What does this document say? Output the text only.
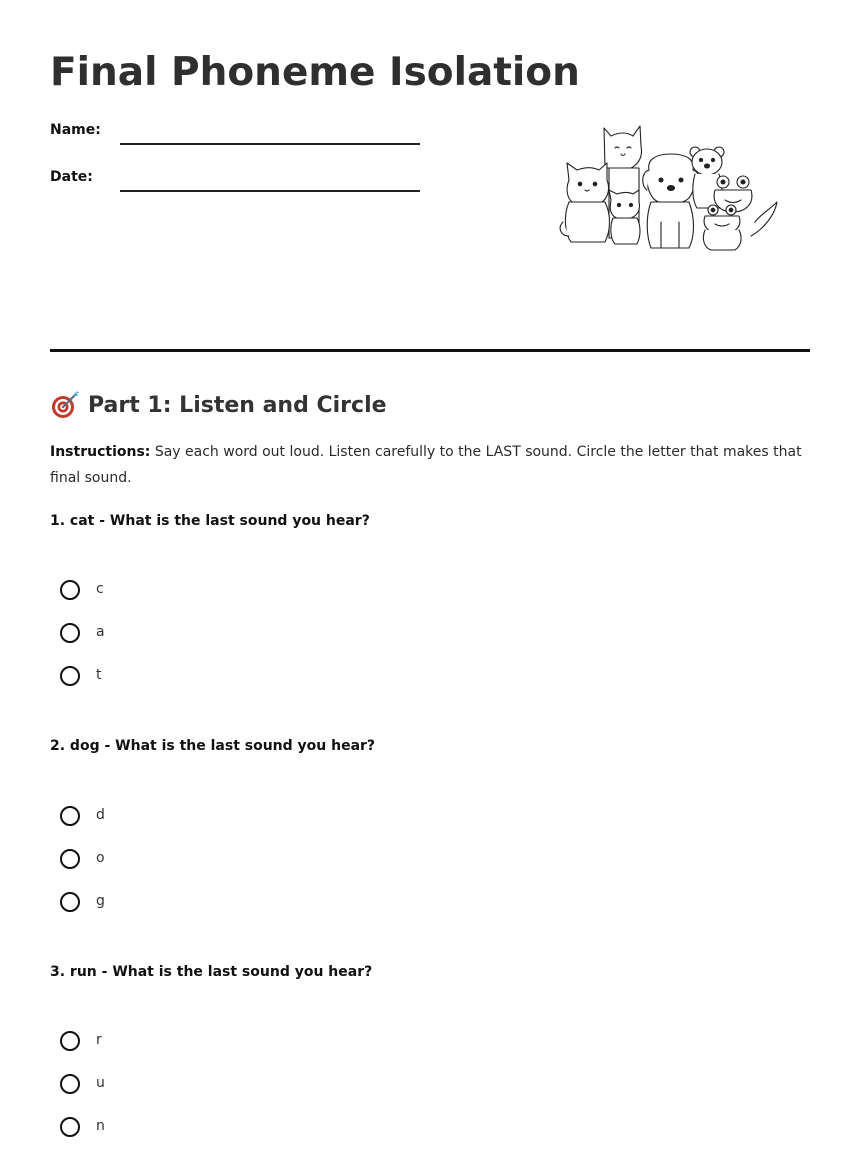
Final Phoneme Isolation
Name:
Date:
Part 1: Listen and Circle

Instructions: Say each word out loud. Listen carefully to the LAST sound. Circle the letter that makes that final sound.

1. cat - What is the last sound you hear?
c
a
t
2. dog - What is the last sound you hear?
d
o
g
3. run - What is the last sound you hear?
r
u
n
